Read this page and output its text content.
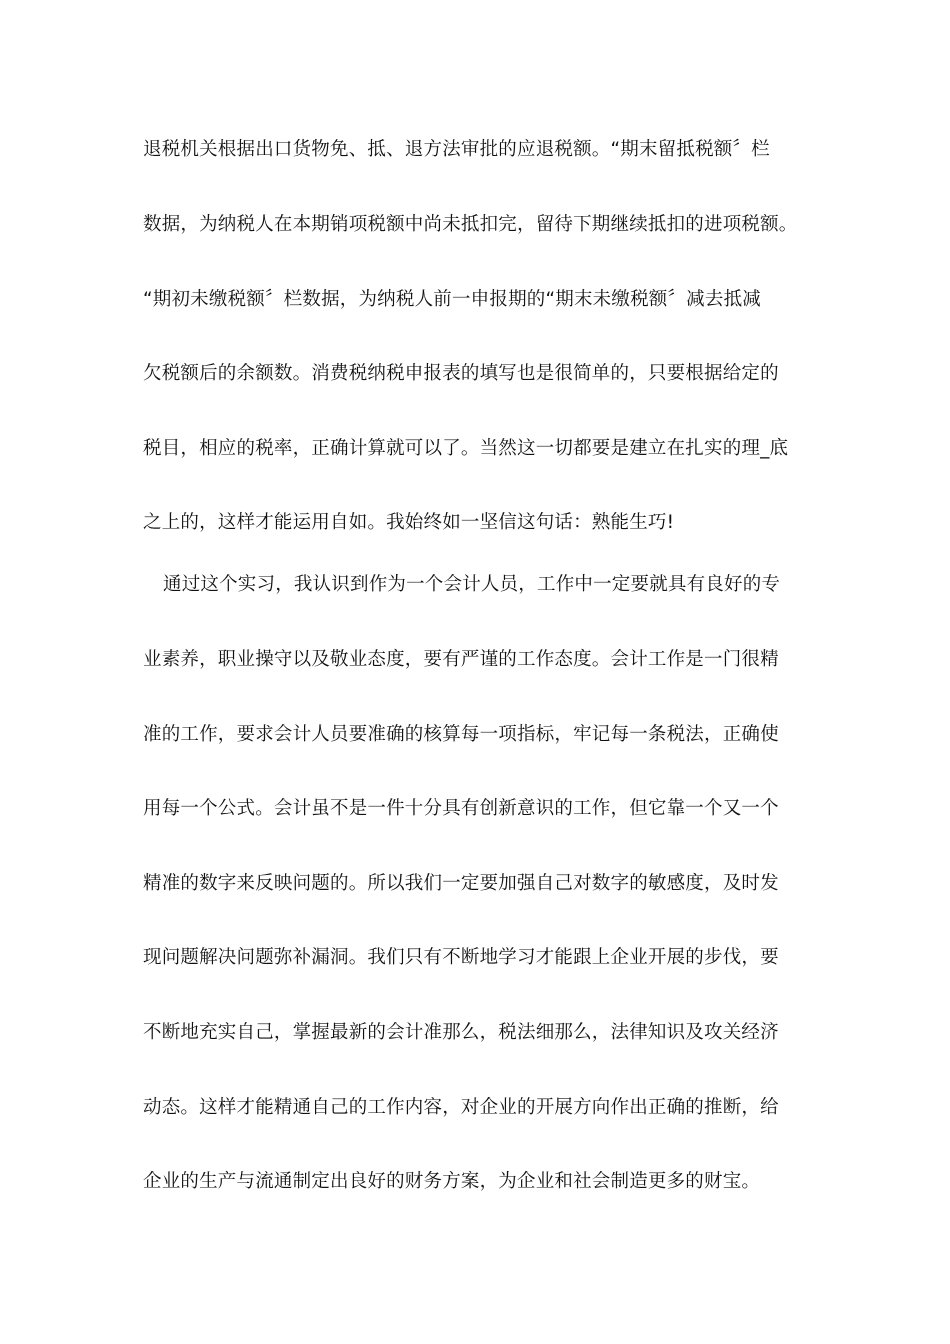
退税机关根据出口货物免、抵、退方法审批的应退税额。“期末留抵税额〞栏
数据，为纳税人在本期销项税额中尚未抵扣完，留待下期继续抵扣的进项税额。
“期初未缴税额〞栏数据，为纳税人前一申报期的“期末未缴税额〞减去抵减
欠税额后的余额数。消费税纳税申报表的填写也是很简单的，只要根据给定的
税目，相应的税率，正确计算就可以了。当然这一切都要是建立在扎实的理_底
之上的，这样才能运用自如。我始终如一坚信这句话：熟能生巧!
通过这个实习，我认识到作为一个会计人员，工作中一定要就具有良好的专
业素养，职业操守以及敬业态度，要有严谨的工作态度。会计工作是一门很精
准的工作，要求会计人员要准确的核算每一项指标，牢记每一条税法，正确使
用每一个公式。会计虽不是一件十分具有创新意识的工作，但它靠一个又一个
精准的数字来反映问题的。所以我们一定要加强自己对数字的敏感度，及时发
现问题解决问题弥补漏洞。我们只有不断地学习才能跟上企业开展的步伐，要
不断地充实自己，掌握最新的会计准那么，税法细那么，法律知识及攻关经济
动态。这样才能精通自己的工作内容，对企业的开展方向作出正确的推断，给
企业的生产与流通制定出良好的财务方案，为企业和社会制造更多的财宝。
